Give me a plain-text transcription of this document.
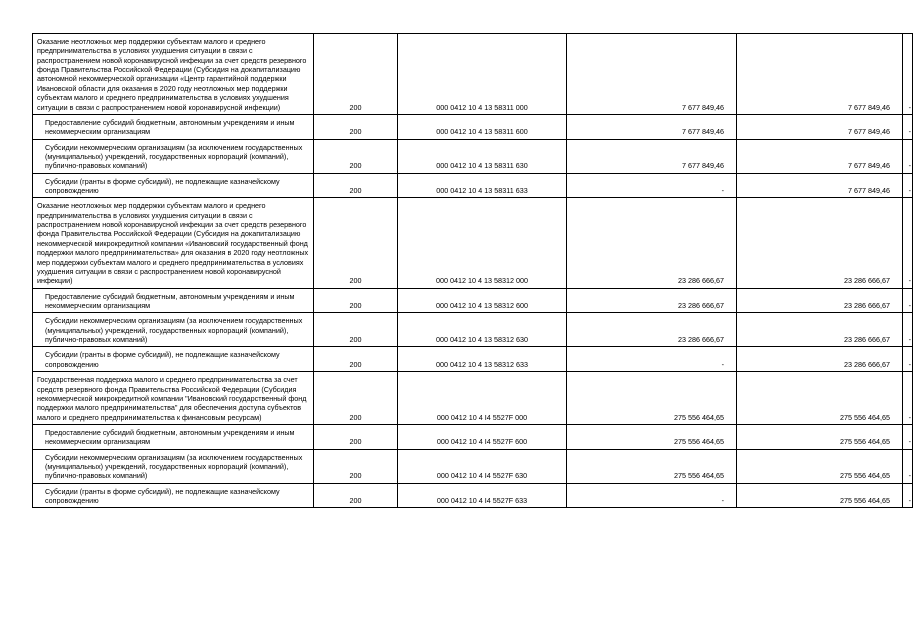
Оказание неотложных мер поддержки субъектам малого и среднего предпринимательства в условиях ухудшения ситуации в связи с распространением новой коронавирусной инфекции за счет средств резервного фонда Правительства Российской Федерации (Субсидия на докапитализацию автономной некоммерческой организации «Центр гарантийной поддержки Ивановской области для оказания в 2020 году неотложных мер поддержки субъектам малого и среднего предпринимательства в условиях ухудшения ситуации в связи с распространением новой коронавирусной инфекции)	200	000 0412 10 4 13 58311 000	7 677 849,46	7 677 849,46	-
Предоставление субсидий бюджетным, автономным учреждениям и иным некоммерческим организациям	200	000 0412 10 4 13 58311 600	7 677 849,46	7 677 849,46	-
Субсидии некоммерческим организациям (за исключением государственных (муниципальных) учреждений, государственных корпораций (компаний), публично-правовых компаний)	200	000 0412 10 4 13 58311 630	7 677 849,46	7 677 849,46	-
Субсидии (гранты в форме субсидий), не подлежащие казначейскому сопровождению	200	000 0412 10 4 13 58311 633	-	7 677 849,46	-
Оказание неотложных мер поддержки субъектам малого и среднего предпринимательства в условиях ухудшения ситуации в связи с распространением новой коронавирусной инфекции за счет средств резервного фонда Правительства Российской Федерации (Субсидия на докапитализацию некоммерческой микрокредитной компании «Ивановский государственный фонд поддержки малого предпринимательства» для оказания в 2020 году неотложных мер поддержки субъектам малого и среднего предпринимательства в условиях ухудшения ситуации в связи с распространением новой коронавирусной инфекции)	200	000 0412 10 4 13 58312 000	23 286 666,67	23 286 666,67	-
Предоставление субсидий бюджетным, автономным учреждениям и иным некоммерческим организациям	200	000 0412 10 4 13 58312 600	23 286 666,67	23 286 666,67	-
Субсидии некоммерческим организациям (за исключением государственных (муниципальных) учреждений, государственных корпораций (компаний), публично-правовых компаний)	200	000 0412 10 4 13 58312 630	23 286 666,67	23 286 666,67	-
Субсидии (гранты в форме субсидий), не подлежащие казначейскому сопровождению	200	000 0412 10 4 13 58312 633	-	23 286 666,67	-
Государственная поддержка малого и среднего предпринимательства за счет средств резервного фонда Правительства Российской Федерации (Субсидия некоммерческой микрокредитной компании "Ивановский государственный фонд поддержки малого предпринимательства" для обеспечения доступа субъектов малого и среднего предпринимательства к финансовым ресурсам)	200	000 0412 10 4 I4 5527F 000	275 556 464,65	275 556 464,65	-
Предоставление субсидий бюджетным, автономным учреждениям и иным некоммерческим организациям	200	000 0412 10 4 I4 5527F 600	275 556 464,65	275 556 464,65	-
Субсидии некоммерческим организациям (за исключением государственных (муниципальных) учреждений, государственных корпораций (компаний), публично-правовых компаний)	200	000 0412 10 4 I4 5527F 630	275 556 464,65	275 556 464,65	-
Субсидии (гранты в форме субсидий), не подлежащие казначейскому сопровождению	200	000 0412 10 4 I4 5527F 633	-	275 556 464,65	-
